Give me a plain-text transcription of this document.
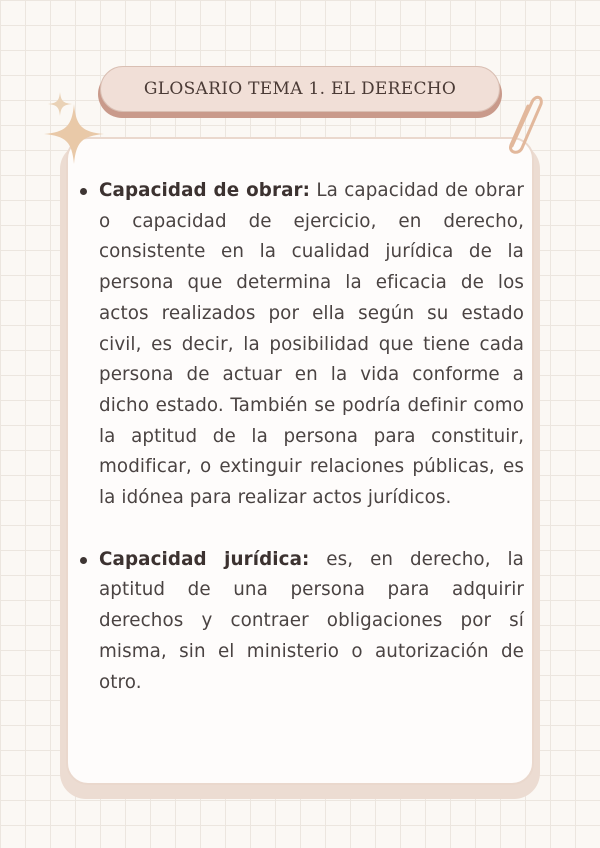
GLOSARIO TEMA 1. EL DERECHO
Capacidad de obrar: La capacidad de obrar o capacidad de ejercicio, en derecho, consistente en la cualidad jurídica de la persona que determina la eficacia de los actos realizados por ella según su estado civil, es decir, la posibilidad que tiene cada persona de actuar en la vida conforme a dicho estado. También se podría definir como la aptitud de la persona para constituir, modificar, o extinguir relaciones públicas, es la idónea para realizar actos jurídicos.
Capacidad jurídica: es, en derecho, la aptitud de una persona para adquirir derechos y contraer obligaciones por sí misma, sin el ministerio o autorización de otro.
